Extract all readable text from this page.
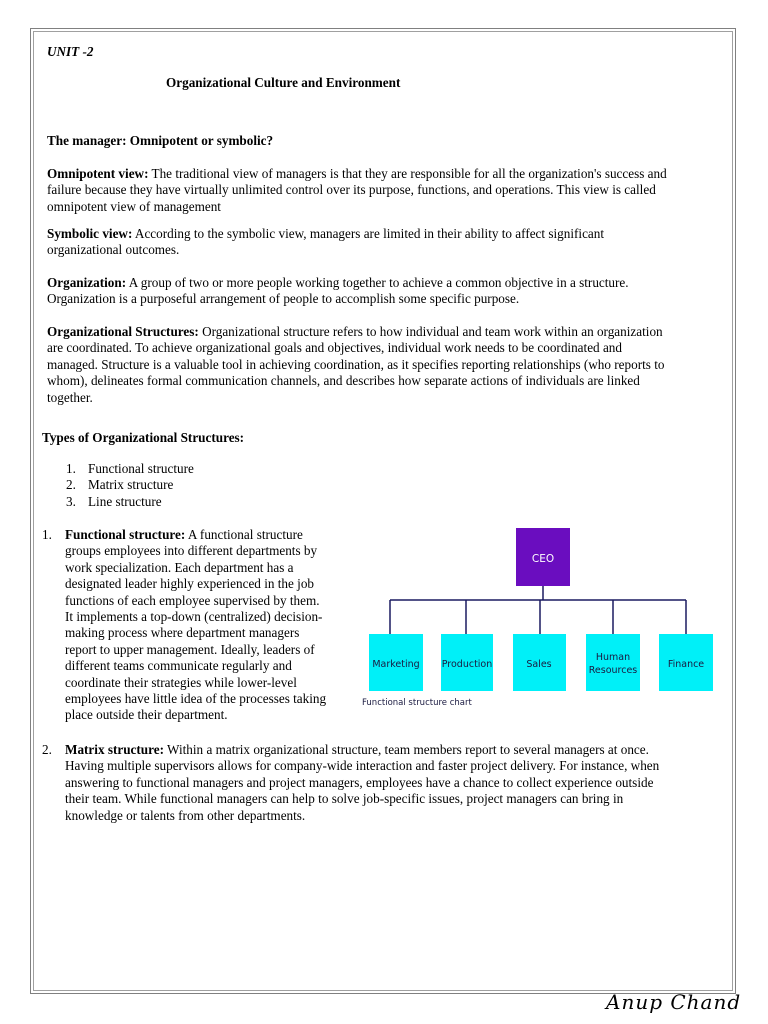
UNIT -2
Organizational Culture and Environment
The manager: Omnipotent or symbolic?
Omnipotent view: The traditional view of managers is that they are responsible for all the organization's success and
failure because they have virtually unlimited control over its purpose, functions, and operations. This view is called
omnipotent view of management
Symbolic view: According to the symbolic view, managers are limited in their ability to affect significant
organizational outcomes.
Organization: A group of two or more people working together to achieve a common objective in a structure.
Organization is a purposeful arrangement of people to accomplish some specific purpose.
Organizational Structures: Organizational structure refers to how individual and team work within an organization
are coordinated. To achieve organizational goals and objectives, individual work needs to be coordinated and
managed. Structure is a valuable tool in achieving coordination, as it specifies reporting relationships (who reports to
whom), delineates formal communication channels, and describes how separate actions of individuals are linked
together.
Types of Organizational Structures:
1. Functional structure
2. Matrix structure
3. Line structure
1. Functional structure: A functional structure
groups employees into different departments by
work specialization. Each department has a
designated leader highly experienced in the job
functions of each employee supervised by them.
It implements a top-down (centralized) decision-
making process where department managers
report to upper management. Ideally, leaders of
different teams communicate regularly and
coordinate their strategies while lower-level
employees have little idea of the processes taking
place outside their department.
CEO
Marketing Production	Sales
Human
Resources
Finance
Functional structure chart
2. Matrix structure: Within a matrix organizational structure, team members report to several managers at once.
Having multiple supervisors allows for company-wide interaction and faster project delivery. For instance, when
answering to functional managers and project managers, employees have a chance to collect experience outside
their team. While functional managers can help to solve job-specific issues, project managers can bring in
knowledge or talents from other departments.
Anup Chand
